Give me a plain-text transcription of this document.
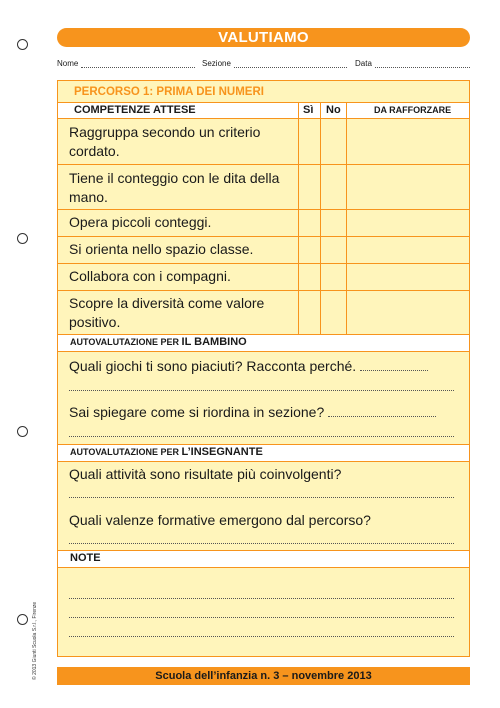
VALUTIAMO
Nome	Sezione	Data
PERCORSO 1: PRIMA DEI NUMERI
COMPETENZE ATTESE	Sì No	DA RAFFORZARE
Raggruppa secondo un criterio cordato.
Tiene il conteggio con le dita della mano.
Opera piccoli conteggi.
Si orienta nello spazio classe.
Collabora con i compagni.
Scopre la diversità come valore positivo.
AUTOVALUTAZIONE PER IL BAMBINO
Quali giochi ti sono piaciuti? Racconta perché.
Sai spiegare come si riordina in sezione?
AUTOVALUTAZIONE PER L’INSEGNANTE
Quali attività sono risultate più coinvolgenti?
Quali valenze formative emergono dal percorso?
NOTE
Scuola dell’infanzia n. 3 – novembre 2013
© 2013 Giunti Scuola S.r.l., Firenze
